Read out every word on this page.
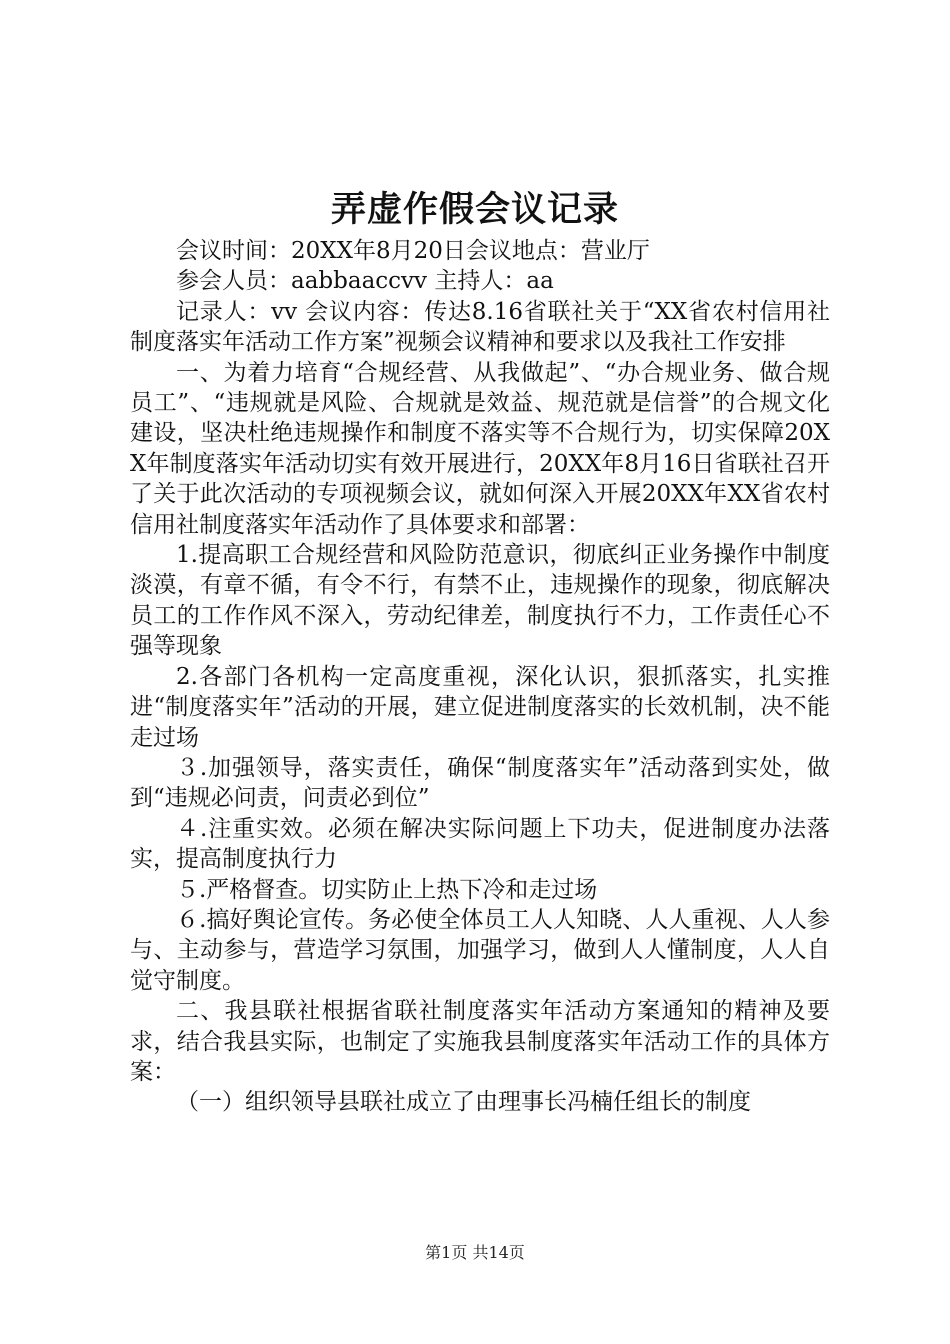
弄虚作假会议记录

会议时间：20XX年8月20日会议地点：营业厅

参会人员：aabbaaccvv 主持人：aa

记录人：vv 会议内容：传达8.16省联社关于“XX省农村信用社制度落实年活动工作方案”视频会议精神和要求以及我社工作安排

一、为着力培育“合规经营、从我做起”、“办合规业务、做合规员工”、“违规就是风险、合规就是效益、规范就是信誉”的合规文化建设，坚决杜绝违规操作和制度不落实等不合规行为，切实保障20XX年制度落实年活动切实有效开展进行，20XX年8月16日省联社召开了关于此次活动的专项视频会议，就如何深入开展20XX年XX省农村信用社制度落实年活动作了具体要求和部署：

1.提高职工合规经营和风险防范意识，彻底纠正业务操作中制度淡漠，有章不循，有令不行，有禁不止，违规操作的现象，彻底解决员工的工作作风不深入，劳动纪律差，制度执行不力，工作责任心不强等现象

2.各部门各机构一定高度重视，深化认识，狠抓落实，扎实推进“制度落实年”活动的开展，建立促进制度落实的长效机制，决不能走过场

３.加强领导，落实责任，确保“制度落实年”活动落到实处，做到“违规必问责，问责必到位”

４.注重实效。必须在解决实际问题上下功夫，促进制度办法落实，提高制度执行力

５.严格督查。切实防止上热下冷和走过场

６.搞好舆论宣传。务必使全体员工人人知晓、人人重视、人人参与、主动参与，营造学习氛围，加强学习，做到人人懂制度，人人自觉守制度。

二、我县联社根据省联社制度落实年活动方案通知的精神及要求，结合我县实际，也制定了实施我县制度落实年活动工作的具体方案：

（一）组织领导县联社成立了由理事长冯楠任组长的制度

第1页 共14页
